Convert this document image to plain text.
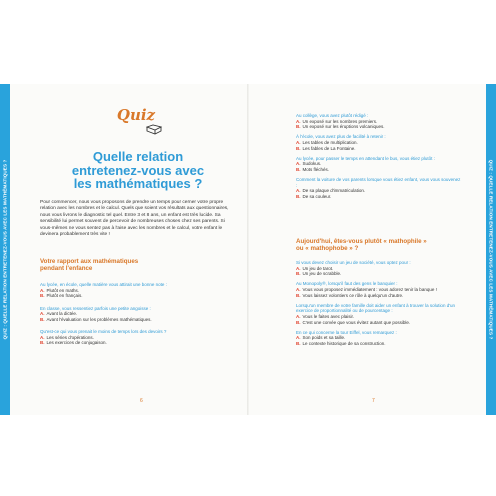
QUIZ : QUELLE RELATION ENTRETENEZ-VOUS AVEC LES MATHÉMATIQUES ?	QUIZ : QUELLE RELATION ENTRETENEZ-VOUS AVEC LES MATHÉMATIQUES ?
Quiz
Quelle relation
entretenez-vous avec
les mathématiques ?
Pour commencer, nous vous proposons de prendre un temps pour cerner votre propre relation avec les nombres et le calcul. Quels que soient vos résultats aux questionnaires, nous vous livrons le diagnostic tel quel. Entre 3 et 8 ans, un enfant est très lucide. Sa sensibilité lui permet souvent de percevoir de nombreuses choses chez ses parents. Si vous-mêmes ne vous sentez pas à l'aise avec les nombres et le calcul, votre enfant le devinera probablement très vite !
Votre rapport aux mathématiques
pendant l'enfance
Au lycée, en école, quelle matière vous attirait une bonne note :
A. Plutôt en maths.
B. Plutôt en français.
En classe, vous ressentiez parfois une petite angoisse :
A. Avant la dictée.
B. Avant l'évaluation sur les problèmes mathématiques.
Qu'est-ce qui vous prenait le moins de temps lors des devoirs ?
A. Les séries d'opérations.
B. Les exercices de conjugaison.
6
Au collège, vous avez plutôt rédigé :
A. Un exposé sur les nombres premiers.
B. Un exposé sur les éruptions volcaniques.
À l'école, vous avez plus de facilité à retenir :
A. Les tables de multiplication.
B. Les fables de La Fontaine.
Au lycée, pour passer le temps en attendant le bus, vous étiez plutôt :
A. Sudokus.
B. Mots fléchés.
Comment la voiture de vos parents lorsque vous étiez enfant, vous vous souvenez :
A. De sa plaque d'immatriculation.
B. De sa couleur.
Aujourd'hui, êtes-vous plutôt « mathophile »
ou « mathophobe » ?
Si vous devez choisir un jeu de société, vous optez pour :
A. Un jeu de tarot.
B. Un jeu de scrabble.
Au Monopoly®, lorsqu'il faut des gens le banquier :
A. Vous vous proposez immédiatement : vous adorez tenir la banque !
B. Vous laissez volontiers ce rôle à quelqu'un d'autre.
Lorsqu'un membre de votre famille doit aider un enfant à trouver la solution d'un exercice de proportionnalité ou de pourcentage :
A. Vous le faites avec plaisir.
B. C'est une corvée que vous évitez autant que possible.
En ce qui concerne la tour Eiffel, vous remarquez :
A. Son poids et sa taille.
B. Le contexte historique de sa construction.
7
